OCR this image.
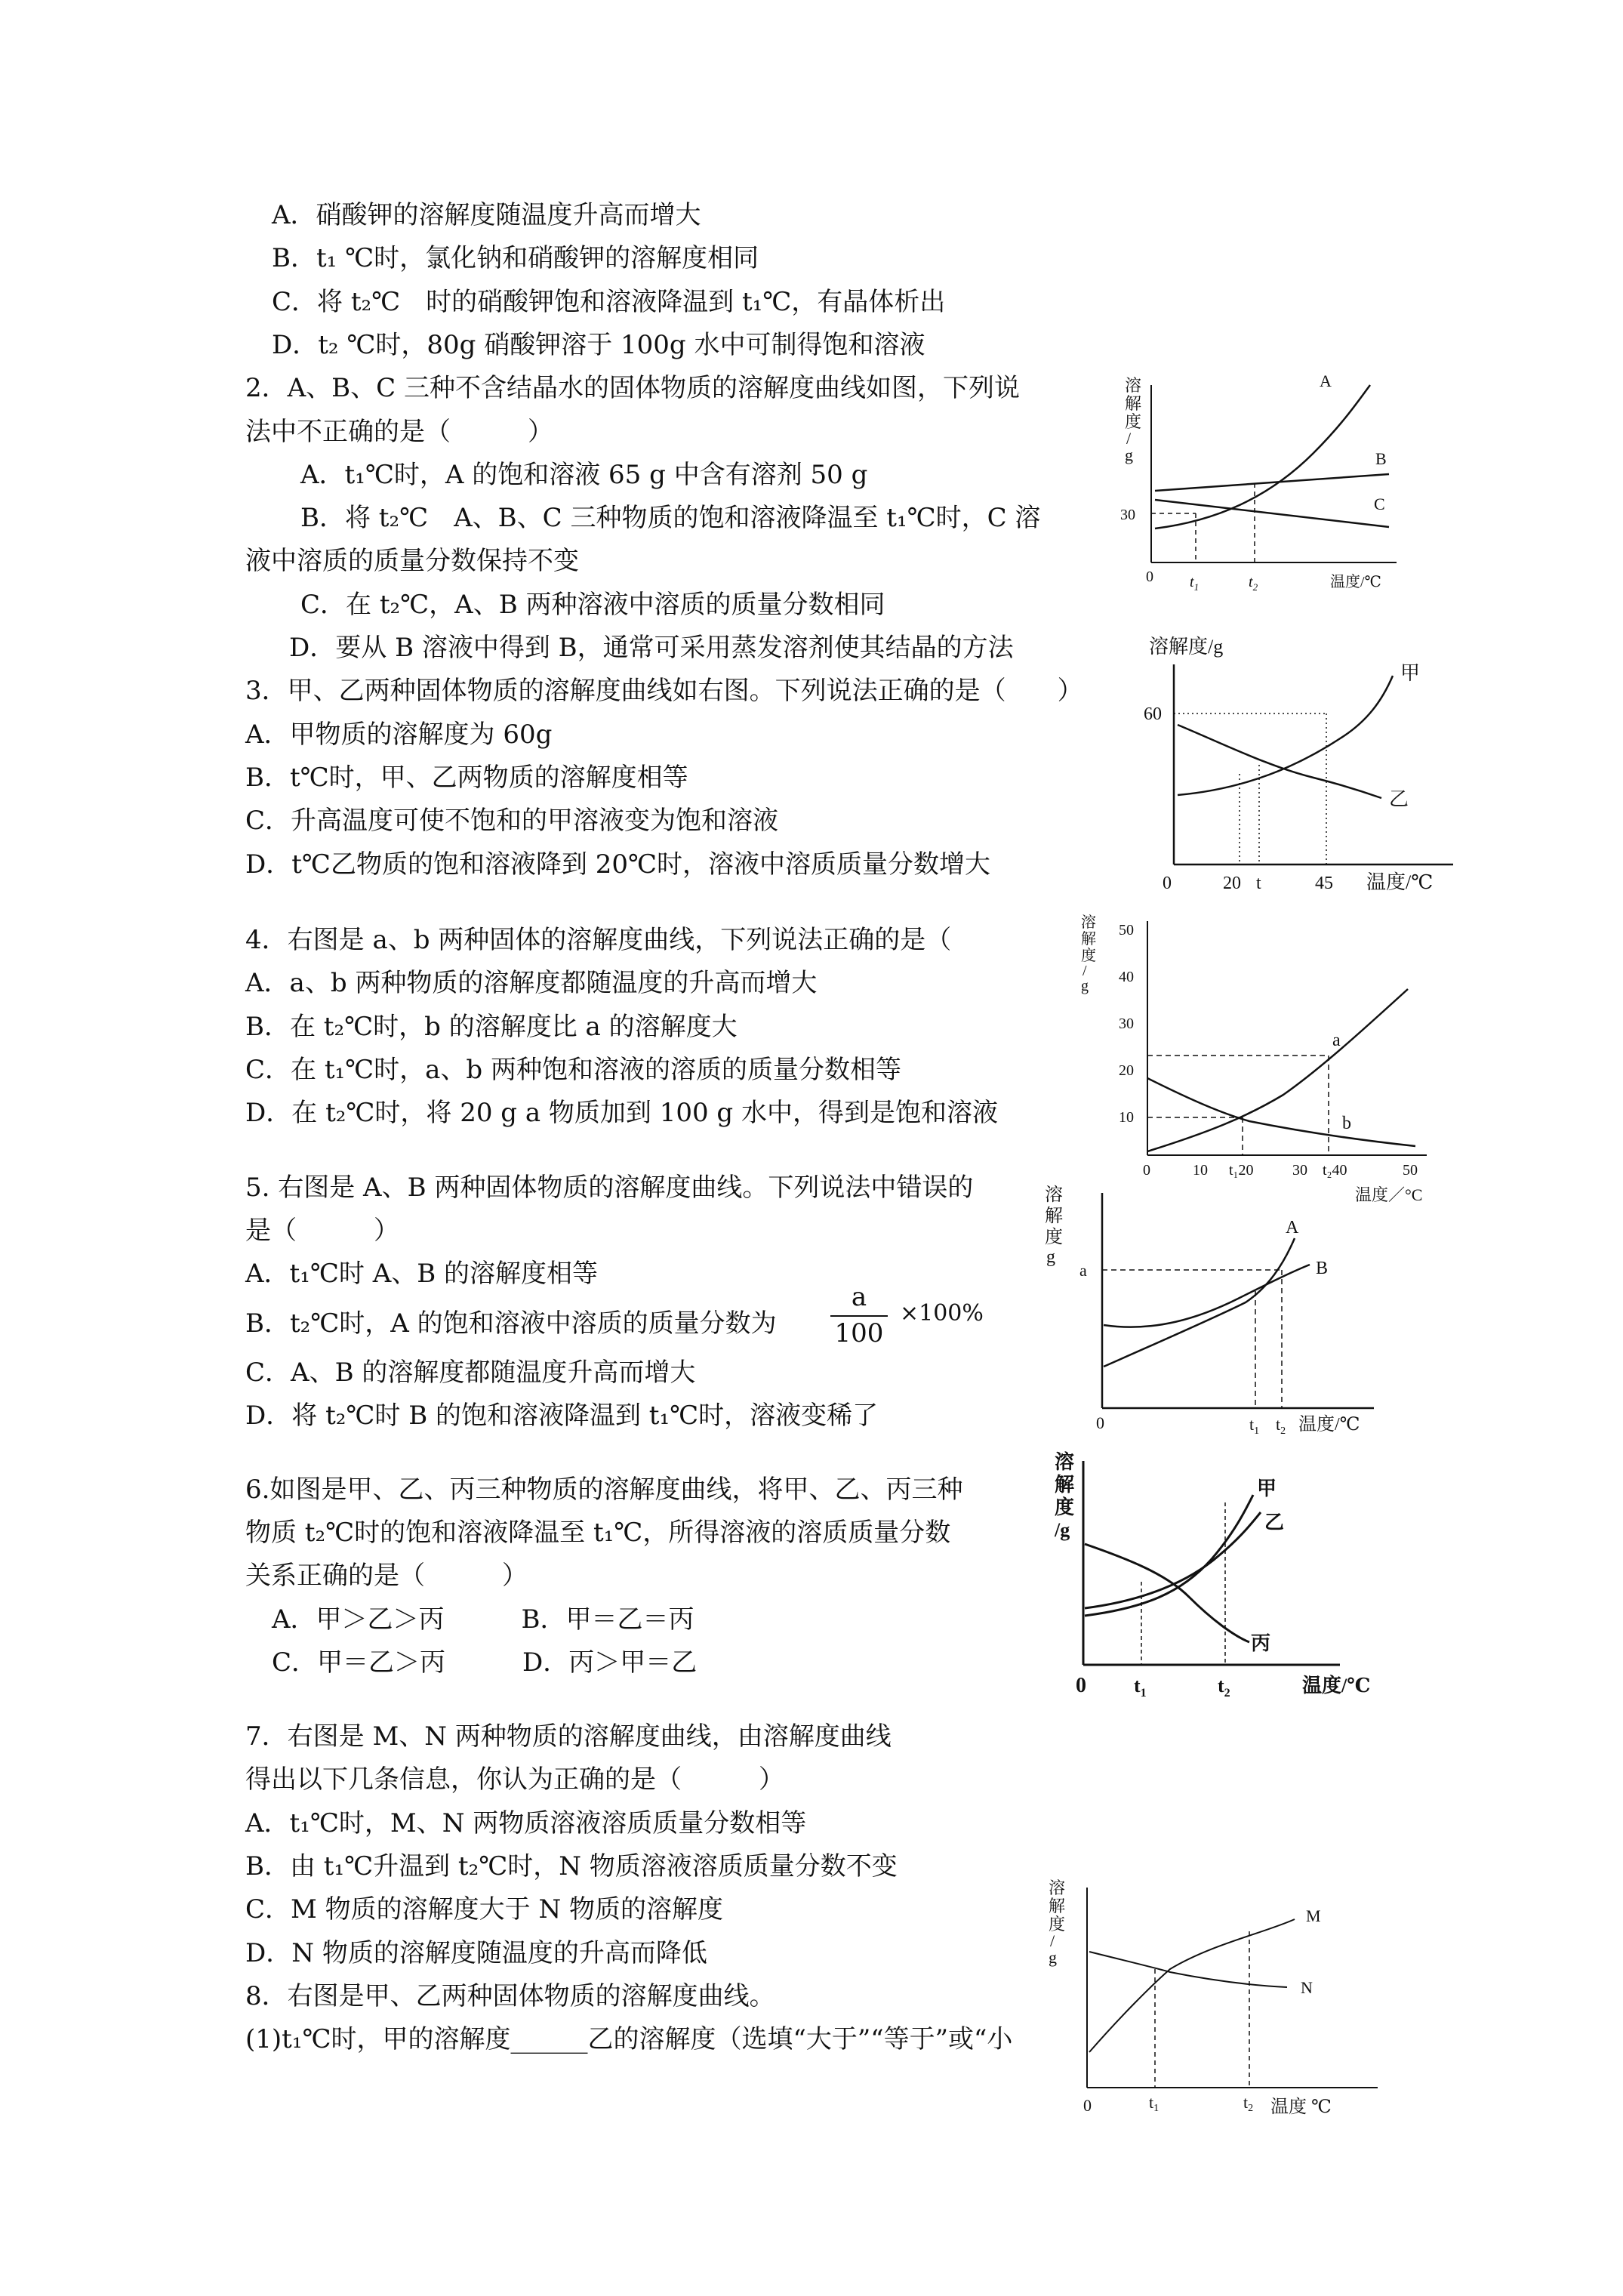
A．硝酸钾的溶解度随温度升高而增大
B．t₁ ℃时，氯化钠和硝酸钾的溶解度相同
C．将 t₂℃　时的硝酸钾饱和溶液降温到 t₁℃，有晶体析出
D．t₂ ℃时，80g 硝酸钾溶于 100g 水中可制得饱和溶液
2．A、B、C 三种不含结晶水的固体物质的溶解度曲线如图，下列说
法中不正确的是（　　　）
A．t₁℃时，A 的饱和溶液 65 g 中含有溶剂 50 g
B．将 t₂℃　A、B、C 三种物质的饱和溶液降温至 t₁℃时，C 溶
液中溶质的质量分数保持不变
C．在 t₂℃，A、B 两种溶液中溶质的质量分数相同
D．要从 B 溶液中得到 B，通常可采用蒸发溶剂使其结晶的方法
3．甲、乙两种固体物质的溶解度曲线如右图。下列说法正确的是（　　）
A．甲物质的溶解度为 60g
B．t℃时，甲、乙两物质的溶解度相等
C．升高温度可使不饱和的甲溶液变为饱和溶液
D．t℃乙物质的饱和溶液降到 20℃时，溶液中溶质质量分数增大
4．右图是 a、b 两种固体的溶解度曲线，下列说法正确的是（
A．a、b 两种物质的溶解度都随温度的升高而增大
B．在 t₂℃时，b 的溶解度比 a 的溶解度大
C．在 t₁℃时，a、b 两种饱和溶液的溶质的质量分数相等
D．在 t₂℃时，将 20 g a 物质加到 100 g 水中，得到是饱和溶液
5. 右图是 A、B 两种固体物质的溶解度曲线。下列说法中错误的
是（　　　）
A．t₁℃时 A、B 的溶解度相等
B．t₂℃时，A 的饱和溶液中溶质的质量分数为
C．A、B 的溶解度都随温度升高而增大
D．将 t₂℃时 B 的饱和溶液降温到 t₁℃时，溶液变稀了
6.如图是甲、乙、丙三种物质的溶解度曲线，将甲、乙、丙三种
物质 t₂℃时的饱和溶液降温至 t₁℃，所得溶液的溶质质量分数
关系正确的是（　　　）
A．甲＞乙＞丙　　　B．甲＝乙＝丙
C．甲＝乙＞丙　　　D．丙＞甲＝乙
7．右图是 M、N 两种物质的溶解度曲线，由溶解度曲线
得出以下几条信息，你认为正确的是（　　　）
A．t₁℃时，M、N 两物质溶液溶质质量分数相等
B．由 t₁℃升温到 t₂℃时，N 物质溶液溶质质量分数不变
C．M 物质的溶解度大于 N 物质的溶解度
D．N 物质的溶解度随温度的升高而降低
8．右图是甲、乙两种固体物质的溶解度曲线。
(1)t₁℃时，甲的溶解度______乙的溶解度（选填“大于”“等于”或“小
a
100
×100%
溶
解
度
/
g
30
0 $t_1$	$t_2$	温度/℃
A
B
C
溶解度/g
60
0	20 t	45 温度/℃
甲
乙
溶
解
度
/
g
50
40
30
20
10
0	10 t₁20	30 t₂40	50
温度／°C
a
b
溶
解
度
g
a
0	$t_1$ $t_2$ 温度/℃
A
B
溶
解
度
/g
0 $t_1$	$t_2$	温度/℃
甲
乙
丙
溶
解
度
/
g
0	t1	t2 温度 ℃
M
N
